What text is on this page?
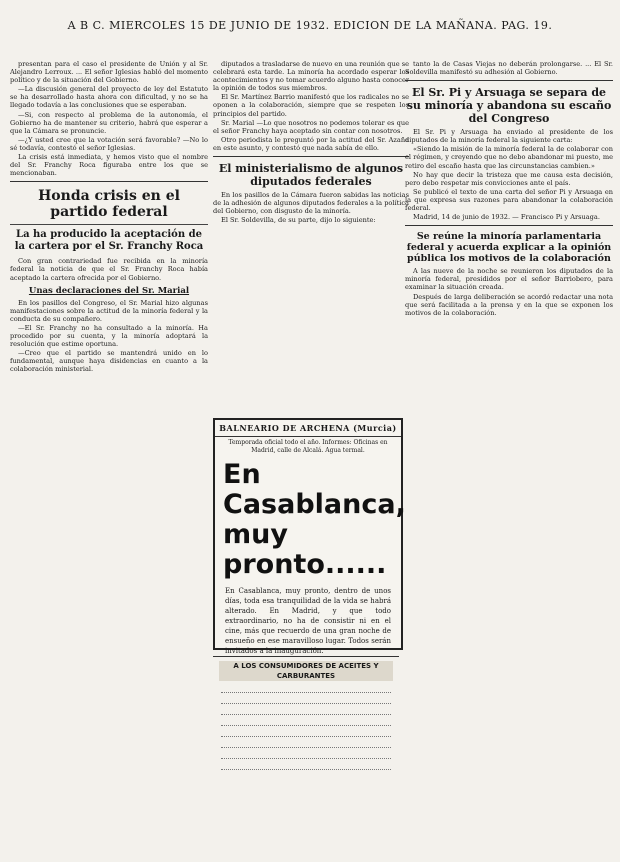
A B C. MIERCOLES 15 DE JUNIO DE 1932. EDICION DE LA MAÑANA. PAG. 19.

presentan para el caso el presidente de Unión y al Sr. Alejandro Lerroux. ... El señor Iglesias habló del momento político y de la situación del Gobierno.

—La discusión general del proyecto de ley del Estatuto se ha desarrollado hasta ahora con dificultad, y no se ha llegado todavía a las conclusiones que se esperaban.

—Si, con respecto al problema de la autonomía, el Gobierno ha de mantener su criterio, habrá que esperar a que la Cámara se pronuncie.

—¿Y usted cree que la votación será favorable? —No lo sé todavía, contestó el señor Iglesias.

La crisis está inmediata, y hemos visto que el nombre del Sr. Franchy Roca figuraba entre los que se mencionaban.

Honda crisis en el partido federal
La ha producido la aceptación de la cartera por el Sr. Franchy Roca

Con gran contrariedad fue recibida en la minoría federal la noticia de que el Sr. Franchy Roca había aceptado la cartera ofrecida por el Gobierno.

Unas declaraciones del Sr. Marial

En los pasillos del Congreso, el Sr. Marial hizo algunas manifestaciones sobre la actitud de la minoría federal y la conducta de su compañero.

—El Sr. Franchy no ha consultado a la minoría. Ha procedido por su cuenta, y la minoría adoptará la resolución que estime oportuna.

—Creo que el partido se mantendrá unido en lo fundamental, aunque haya disidencias en cuanto a la colaboración ministerial.

diputados a trasladarse de nuevo en una reunión que se celebrará esta tarde. La minoría ha acordado esperar los acontecimientos y no tomar acuerdo alguno hasta conocer la opinión de todos sus miembros.

El Sr. Martínez Barrio manifestó que los radicales no se oponen a la colaboración, siempre que se respeten los principios del partido.

Sr. Marial —Lo que nosotros no podemos tolerar es que el señor Franchy haya aceptado sin contar con nosotros.

Otro periodista le preguntó por la actitud del Sr. Azaña en este asunto, y contestó que nada sabía de ello.

El ministerialismo de algunos diputados federales

En los pasillos de la Cámara fueron sabidas las noticias de la adhesión de algunos diputados federales a la política del Gobierno, con disgusto de la minoría.

El Sr. Soldevilla, de su parte, dijo lo siguiente:

BALNEARIO DE ARCHENA (Murcia)
Temporada oficial todo el año. Informes: Oficinas en Madrid, calle de Alcalá. Agua termal.
En Casablanca, muy pronto......
En Casablanca, muy pronto, dentro de unos días, toda esa tranquilidad de la vida se habrá alterado. En Madrid, y que todo extraordinario, no ha de consistir ni en el cine, más que recuerdo de una gran noche de ensueño en ese maravilloso lugar. Todos serán invitados a la inauguración.
A LOS CONSUMIDORES DE ACEITES Y CARBURANTES

tanto la de Casas Viejas no deberán prolongarse. ... El Sr. Soldevilla manifestó su adhesión al Gobierno.

El Sr. Pi y Arsuaga se separa de su minoría y abandona su escaño del Congreso

El Sr. Pi y Arsuaga ha enviado al presidente de los diputados de la minoría federal la siguiente carta:

«Siendo la misión de la minoría federal la de colaborar con el régimen, y creyendo que no debo abandonar mi puesto, me retiro del escaño hasta que las circunstancias cambien.»

No hay que decir la tristeza que me causa esta decisión, pero debo respetar mis convicciones ante el país.

Se publicó el texto de una carta del señor Pi y Arsuaga en la que expresa sus razones para abandonar la colaboración federal.

Madrid, 14 de junio de 1932. — Francisco Pi y Arsuaga.

Se reúne la minoría parlamentaria federal y acuerda explicar a la opinión pública los motivos de la colaboración

A las nueve de la noche se reunieron los diputados de la minoría federal, presididos por el señor Barriobero, para examinar la situación creada.

Después de larga deliberación se acordó redactar una nota que será facilitada a la prensa y en la que se exponen los motivos de la colaboración.
